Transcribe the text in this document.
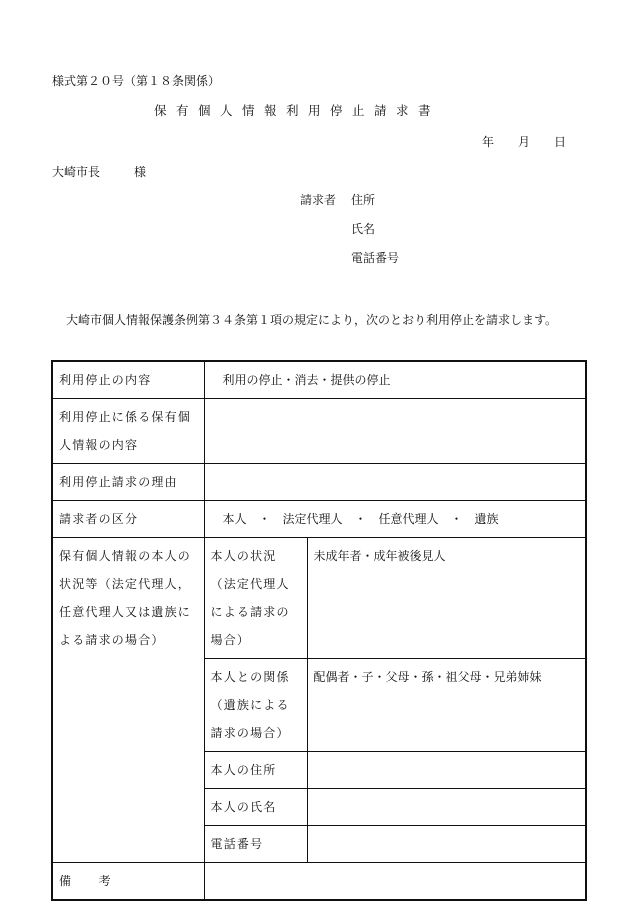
様式第２０号（第１８条関係）
保有個人情報利用停止請求書
年　　月　　日
大崎市長	様
請求者 住所
氏名
電話番号
大崎市個人情報保護条例第３４条第１項の規定により，次のとおり利用停止を請求します。
利用停止の内容	利用の停止・消去・提供の停止	
利用停止に係る保有個人情報の内容		
利用停止請求の理由		
請求者の区分	本人　・　法定代理人　・　任意代理人　・　遺族	
保有個人情報の本人の状況等（法定代理人，任意代理人又は遺族による請求の場合）	本人の状況（法定代理人による請求の場合）	未成年者・成年被後見人
	本人との関係（遺族による請求の場合）	配偶者・子・父母・孫・祖父母・兄弟姉妹
	本人の住所	
	本人の氏名	
	電話番号	
備　　考		
